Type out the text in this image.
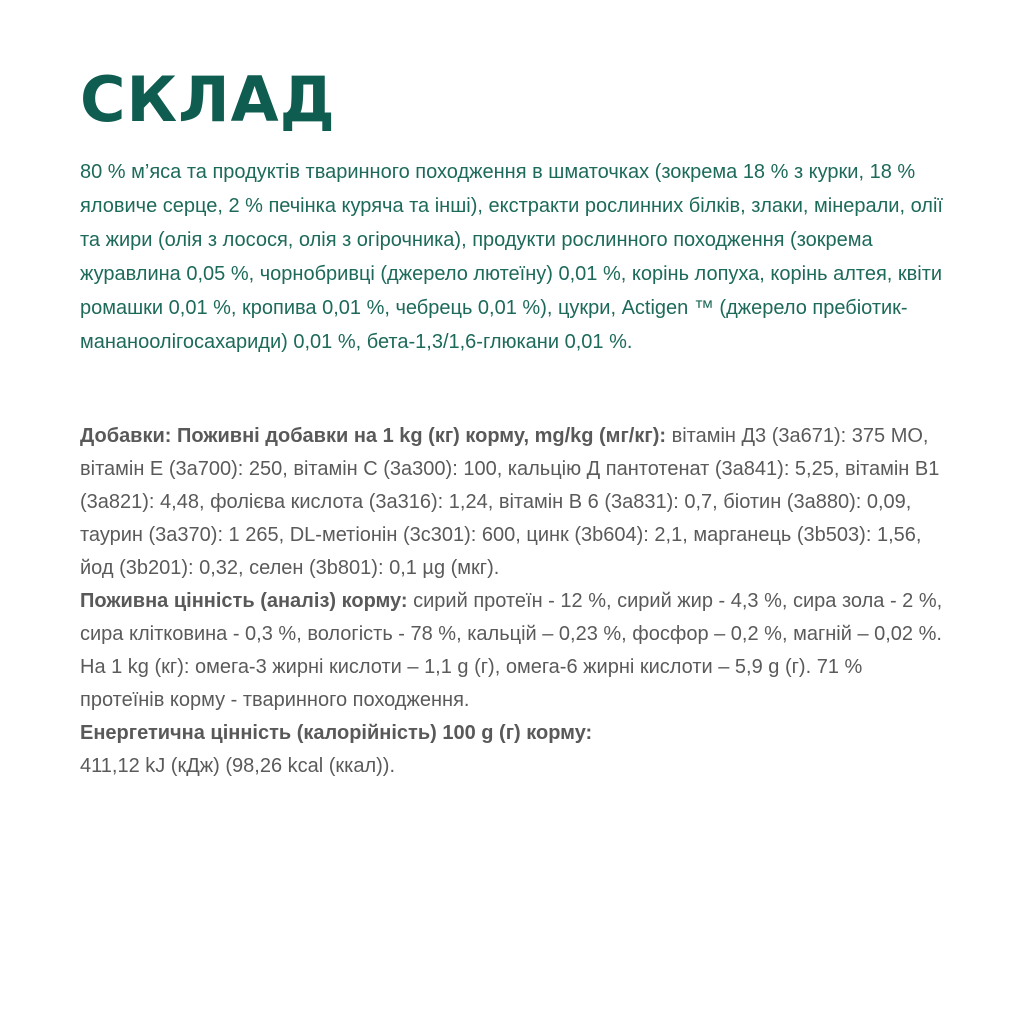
СКЛАД

80 % м’яса та продуктів тваринного походження в шматочках (зокрема 18 % з курки, 18 % яловиче серце, 2 % печінка куряча та інші), екстракти рослинних білків, злаки, мінерали, олії та жири (олія з лосося, олія з огірочника), продукти рослинного походження (зокрема журавлина 0,05 %, чорнобривці (джерело лютеїну) 0,01 %, корінь лопуха, корінь алтея, квіти ромашки 0,01 %, кропива 0,01 %, чебрець 0,01 %), цукри, Actigen ™ (джерело пребіотик-мананоолігосахариди) 0,01 %, бета-1,3/1,6-глюкани 0,01 %.

Добавки: Поживні добавки на 1 kg (кг) корму, mg/kg (мг/кг): вітамін Д3 (3а671): 375 МО, вітамін Е (3а700): 250, вітамін С (3а300): 100, кальцію Д пантотенат (3а841): 5,25, вітамін В1 (3а821): 4,48, фолієва кислота (3а316): 1,24, вітамін В 6 (3а831): 0,7, біотин (3а880): 0,09, таурин (3а370): 1 265, DL-метіонін (3с301): 600, цинк (3b604): 2,1, марганець (3b503): 1,56, йод (3b201): 0,32, селен (3b801): 0,1 µg (мкг).

Поживна цінність (аналіз) корму: сирий протеїн - 12 %, сирий жир - 4,3 %, сира зола - 2 %, сира клітковина - 0,3 %, вологість - 78 %, кальцій – 0,23 %, фосфор – 0,2 %, магній – 0,02 %. На 1 kg (кг): омега-3 жирні кислоти – 1,1 g (г), омега-6 жирні кислоти – 5,9 g (г). 71 % протеїнів корму - тваринного походження.

Енергетична цінність (калорійність) 100 g (г) корму:

411,12 kJ (кДж) (98,26 kcal (ккал)).
